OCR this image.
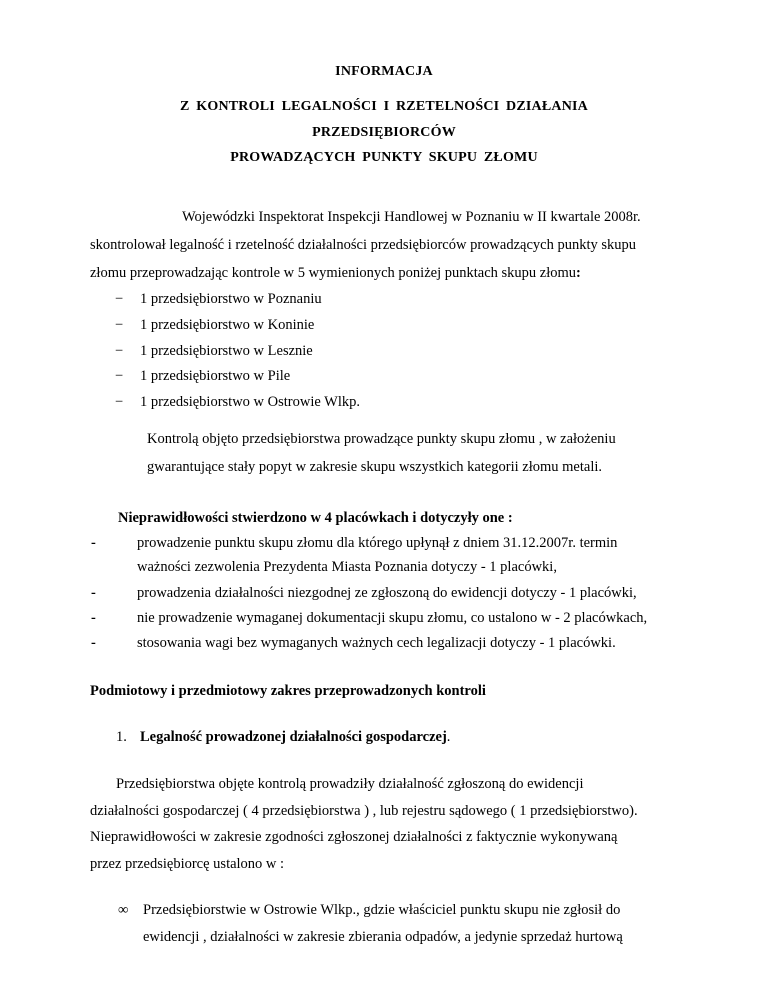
INFORMACJA
Z KONTROLI LEGALNOŚCI I RZETELNOŚCI DZIAŁANIA
PRZEDSIĘBIORCÓW
PROWADZĄCYCH PUNKTY SKUPU ZŁOMU
Wojewódzki Inspektorat Inspekcji Handlowej w Poznaniu w II kwartale 2008r.
skontrolował legalność i rzetelność działalności przedsiębiorców prowadzących punkty skupu
złomu przeprowadzając kontrole w 5 wymienionych poniżej punktach skupu złomu:
− 1 przedsiębiorstwo w Poznaniu
− 1 przedsiębiorstwo w Koninie
− 1 przedsiębiorstwo w Lesznie
− 1 przedsiębiorstwo w Pile
− 1 przedsiębiorstwo w Ostrowie Wlkp.
Kontrolą objęto przedsiębiorstwa prowadzące punkty skupu złomu , w założeniu
gwarantujące stały popyt w zakresie skupu wszystkich kategorii złomu metali.
Nieprawidłowości stwierdzono w 4 placówkach i dotyczyły one :
-	prowadzenie punktu skupu złomu dla którego upłynął z dniem 31.12.2007r. termin
ważności zezwolenia Prezydenta Miasta Poznania dotyczy - 1 placówki,
-	prowadzenia działalności niezgodnej ze zgłoszoną do ewidencji dotyczy - 1 placówki,
-	nie prowadzenie wymaganej dokumentacji skupu złomu, co ustalono w - 2 placówkach,
-	stosowania wagi bez wymaganych ważnych cech legalizacji dotyczy - 1 placówki.
Podmiotowy i przedmiotowy zakres przeprowadzonych kontroli
1. Legalność prowadzonej działalności gospodarczej.
Przedsiębiorstwa objęte kontrolą prowadziły działalność zgłoszoną do ewidencji
działalności gospodarczej ( 4 przedsiębiorstwa ) , lub rejestru sądowego ( 1 przedsiębiorstwo).
Nieprawidłowości w zakresie zgodności zgłoszonej działalności z faktycznie wykonywaną
przez przedsiębiorcę ustalono w :
∞ Przedsiębiorstwie w Ostrowie Wlkp., gdzie właściciel punktu skupu nie zgłosił do
ewidencji , działalności w zakresie zbierania odpadów, a jedynie sprzedaż hurtową
